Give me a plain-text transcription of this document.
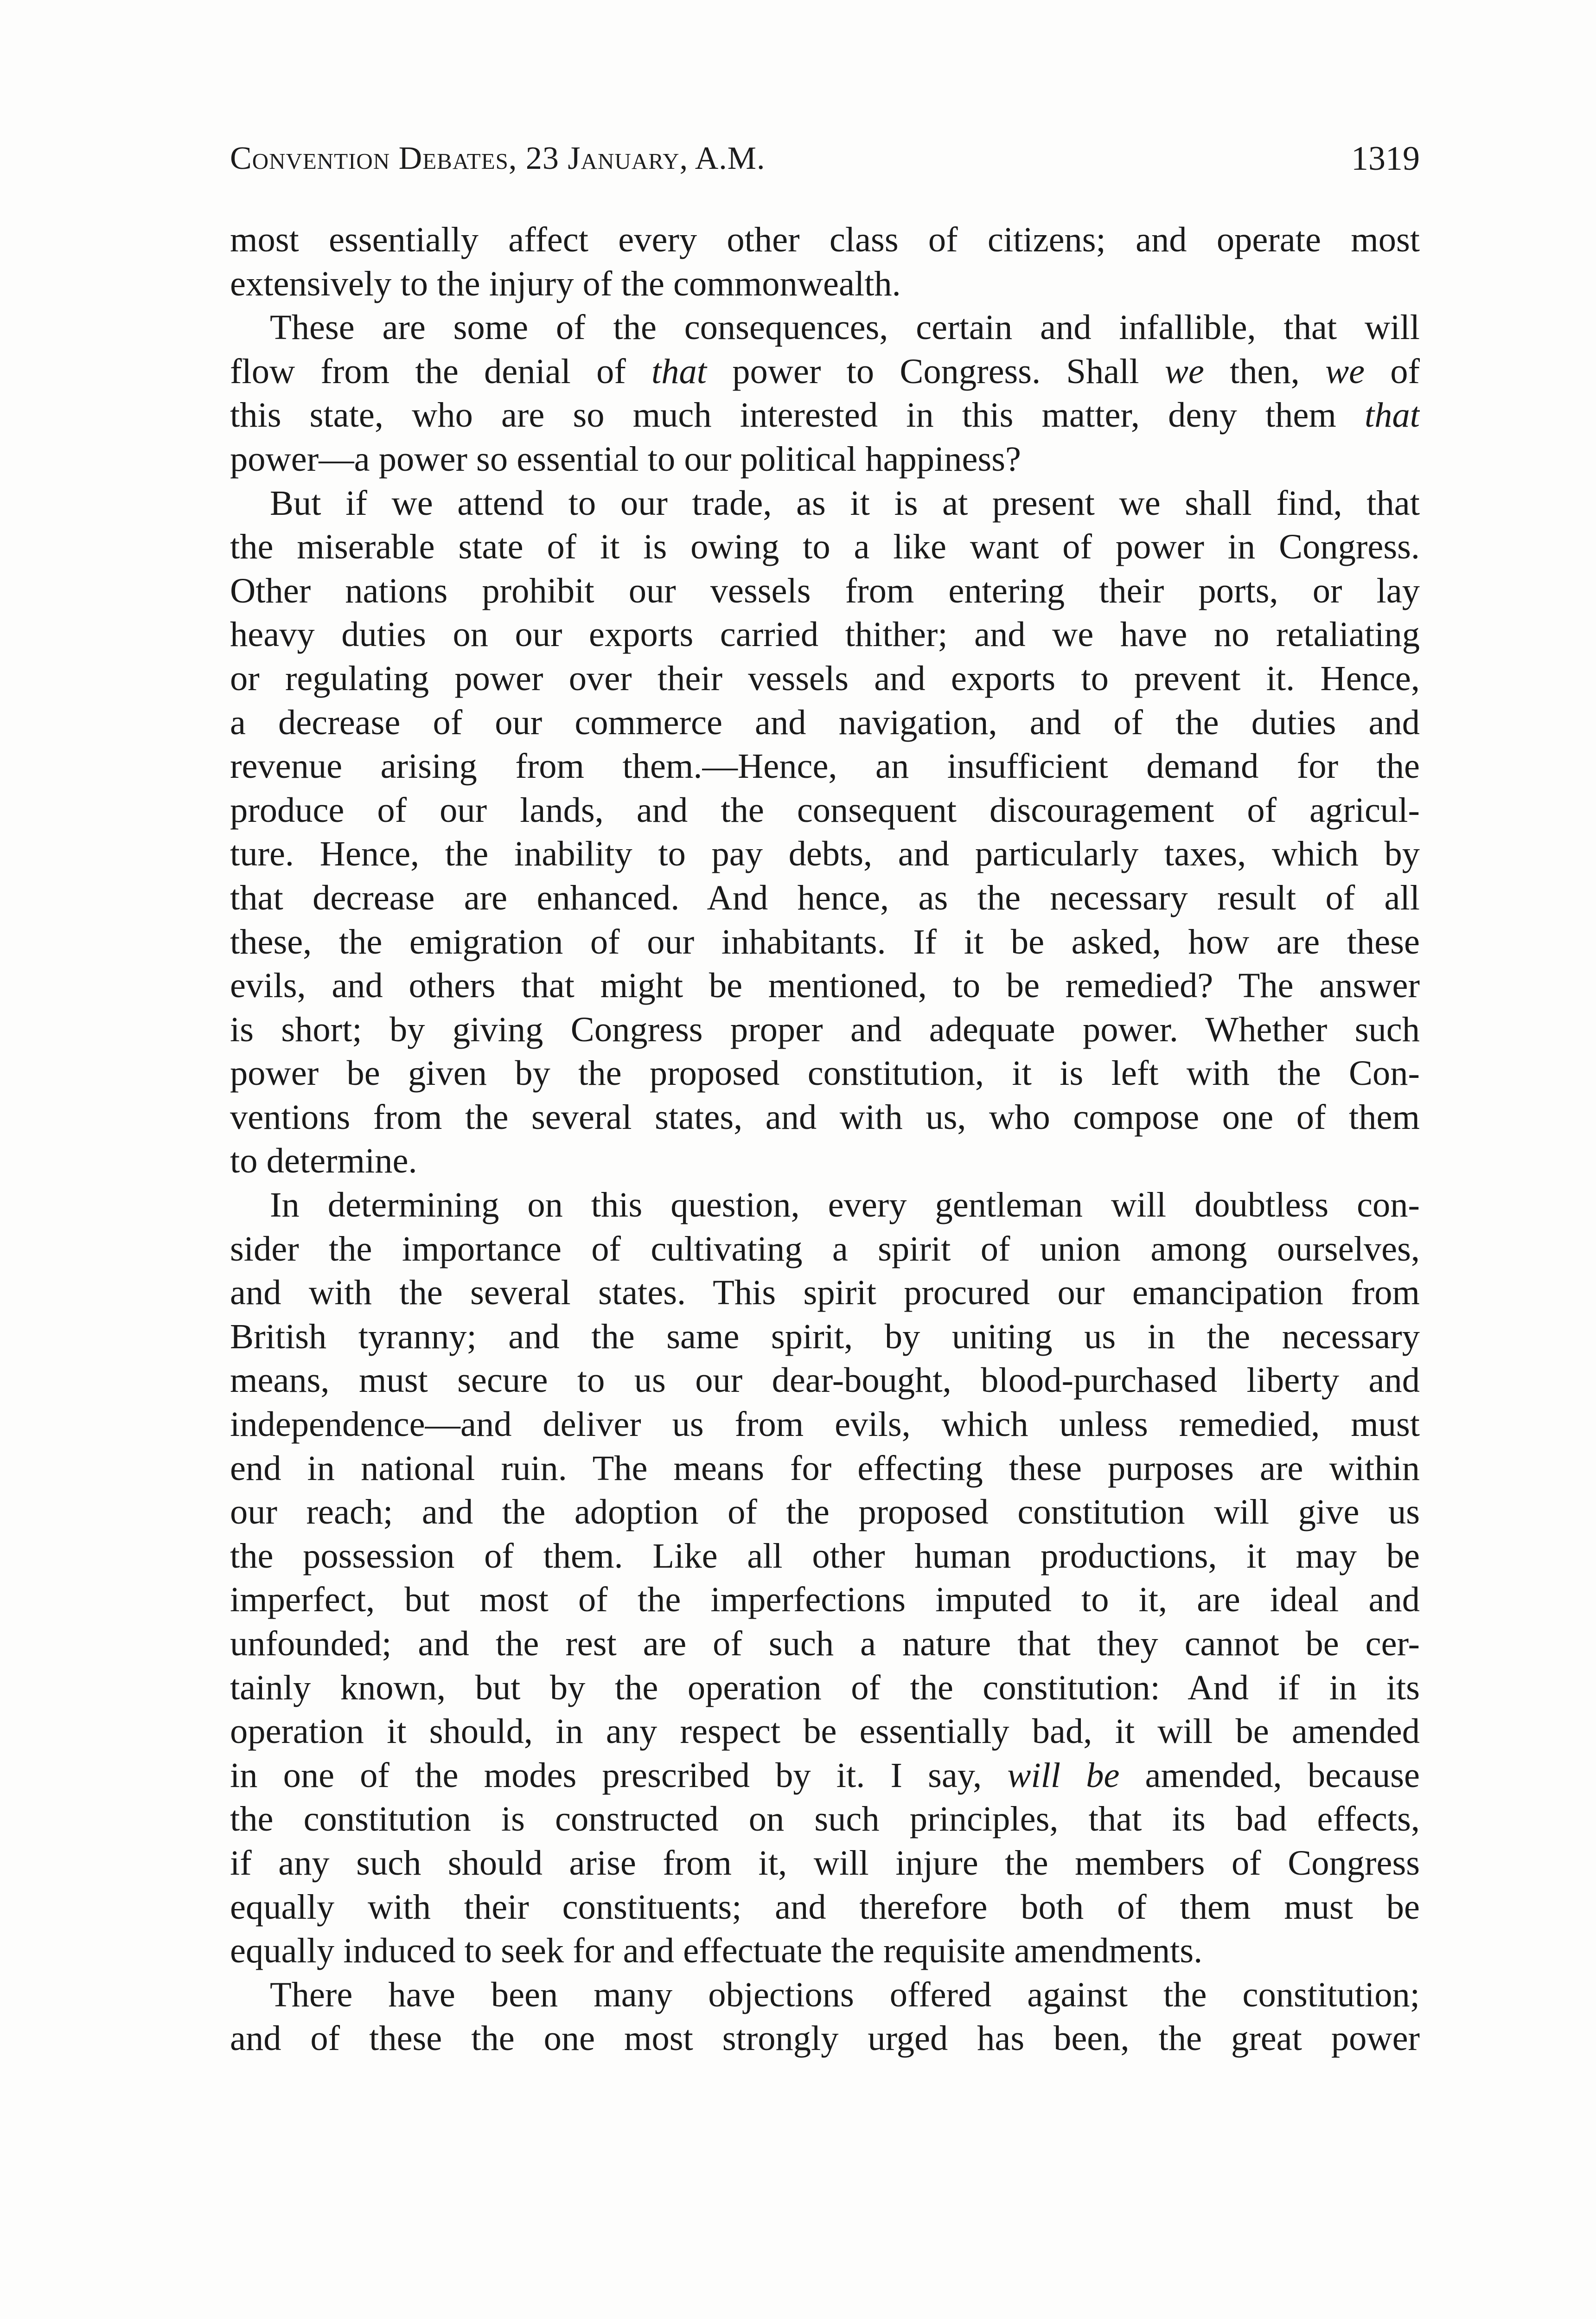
Convention Debates, 23 January, A.M.	1319
most essentially affect every other class of citizens; and operate most
extensively to the injury of the commonwealth.
These are some of the consequences, certain and infallible, that will
flow from the denial of that power to Congress. Shall we then, we of
this state, who are so much interested in this matter, deny them that
power—a power so essential to our political happiness?
But if we attend to our trade, as it is at present we shall find, that
the miserable state of it is owing to a like want of power in Congress.
Other nations prohibit our vessels from entering their ports, or lay
heavy duties on our exports carried thither; and we have no retaliating
or regulating power over their vessels and exports to prevent it. Hence,
a decrease of our commerce and navigation, and of the duties and
revenue arising from them.—Hence, an insufficient demand for the
produce of our lands, and the consequent discouragement of agricul-
ture. Hence, the inability to pay debts, and particularly taxes, which by
that decrease are enhanced. And hence, as the necessary result of all
these, the emigration of our inhabitants. If it be asked, how are these
evils, and others that might be mentioned, to be remedied? The answer
is short; by giving Congress proper and adequate power. Whether such
power be given by the proposed constitution, it is left with the Con-
ventions from the several states, and with us, who compose one of them
to determine.
In determining on this question, every gentleman will doubtless con-
sider the importance of cultivating a spirit of union among ourselves,
and with the several states. This spirit procured our emancipation from
British tyranny; and the same spirit, by uniting us in the necessary
means, must secure to us our dear-bought, blood-purchased liberty and
independence—and deliver us from evils, which unless remedied, must
end in national ruin. The means for effecting these purposes are within
our reach; and the adoption of the proposed constitution will give us
the possession of them. Like all other human productions, it may be
imperfect, but most of the imperfections imputed to it, are ideal and
unfounded; and the rest are of such a nature that they cannot be cer-
tainly known, but by the operation of the constitution: And if in its
operation it should, in any respect be essentially bad, it will be amended
in one of the modes prescribed by it. I say, will be amended, because
the constitution is constructed on such principles, that its bad effects,
if any such should arise from it, will injure the members of Congress
equally with their constituents; and therefore both of them must be
equally induced to seek for and effectuate the requisite amendments.
There have been many objections offered against the constitution;
and of these the one most strongly urged has been, the great power
